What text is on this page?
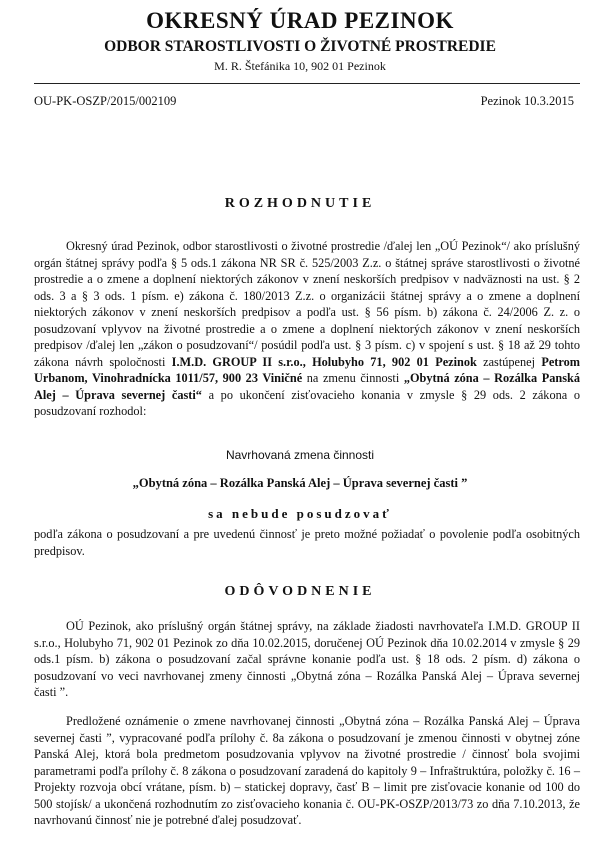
OKRESNÝ ÚRAD PEZINOK
ODBOR STAROSTLIVOSTI O ŽIVOTNÉ PROSTREDIE
M. R. Štefánika 10, 902 01 Pezinok
OU-PK-OSZP/2015/002109	Pezinok 10.3.2015
ROZHODNUTIE

Okresný úrad Pezinok, odbor starostlivosti o životné prostredie /ďalej len „OÚ Pezinok“/ ako príslušný orgán štátnej správy podľa § 5 ods.1 zákona NR SR č. 525/2003 Z.z. o štátnej správe starostlivosti o životné prostredie a o zmene a doplnení niektorých zákonov v znení neskorších predpisov v nadväznosti na ust. § 2 ods. 3 a § 3 ods. 1 písm. e) zákona č. 180/2013 Z.z. o organizácii štátnej správy a o zmene a doplnení niektorých zákonov v znení neskorších predpisov a podľa ust. § 56 písm. b) zákona č. 24/2006 Z. z. o posudzovaní vplyvov na životné prostredie a o zmene a doplnení niektorých zákonov v znení neskorších predpisov /ďalej len „zákon o posudzovaní“/ posúdil podľa ust. § 3 písm. c) v spojení s ust. § 18 až 29 tohto zákona návrh spoločnosti I.M.D. GROUP II s.r.o., Holubyho 71, 902 01 Pezinok zastúpenej Petrom Urbanom, Vinohradnícka 1011/57, 900 23 Viničné na zmenu činnosti „Obytná zóna – Rozálka Panská Alej – Úprava severnej časti“ a po ukončení zisťovacieho konania v zmysle § 29 ods. 2 zákona o posudzovaní rozhodol:

Navrhovaná zmena činnosti
„Obytná zóna – Rozálka Panská Alej – Úprava severnej časti ”
sa nebude posudzovať

podľa zákona o posudzovaní a pre uvedenú činnosť je preto možné požiadať o povolenie podľa osobitných predpisov.

ODÔVODNENIE

OÚ Pezinok, ako príslušný orgán štátnej správy, na základe žiadosti navrhovateľa I.M.D. GROUP II s.r.o., Holubyho 71, 902 01 Pezinok zo dňa 10.02.2015, doručenej OÚ Pezinok dňa 10.02.2014 v zmysle § 29 ods.1 písm. b) zákona o posudzovaní začal správne konanie podľa ust. § 18 ods. 2 písm. d) zákona o posudzovaní vo veci navrhovanej zmeny činnosti „Obytná zóna – Rozálka Panská Alej – Úprava severnej časti ”.

Predložené oznámenie o zmene navrhovanej činnosti „Obytná zóna – Rozálka Panská Alej – Úprava severnej časti ”, vypracované podľa prílohy č. 8a zákona o posudzovaní je zmenou činnosti v obytnej zóne Panská Alej, ktorá bola predmetom posudzovania vplyvov na životné prostredie / činnosť bola svojimi parametrami podľa prílohy č. 8 zákona o posudzovaní zaradená do kapitoly 9 – Infraštruktúra, položky č. 16 – Projekty rozvoja obcí vrátane, písm. b) – statickej dopravy, časť B – limit pre zisťovacie konanie od 100 do 500 stojísk/ a ukončená rozhodnutím zo zisťovacieho konania č. OU-PK-OSZP/2013/73 zo dňa 7.10.2013, že navrhovanú činnosť nie je potrebné ďalej posudzovať.
